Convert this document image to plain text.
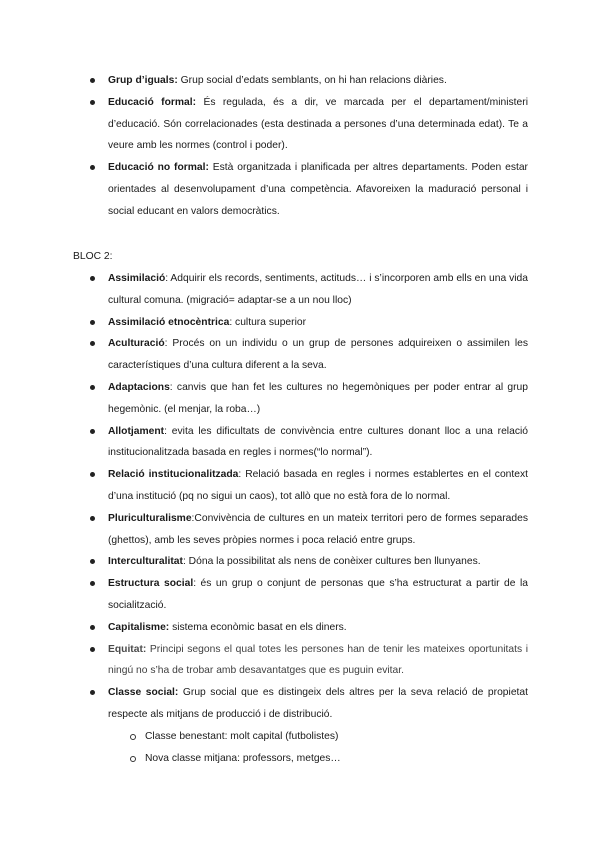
Grup d’iguals: Grup social d’edats semblants, on hi han relacions diàries.
Educació formal: És regulada, és a dir, ve marcada per el departament/ministeri d’educació. Són correlacionades (esta destinada a persones d’una determinada edat). Te a veure amb les normes (control i poder).
Educació no formal: Està organitzada i planificada per altres departaments. Poden estar orientades al desenvolupament d’una competència. Afavoreixen la maduració personal i social educant en valors democràtics.
BLOC 2:
Assimilació: Adquirir els records, sentiments, actituds… i s’incorporen amb ells en una vida cultural comuna. (migració= adaptar-se a un nou lloc)
Assimilació etnocèntrica: cultura superior
Aculturació: Procés on un individu o un grup de persones adquireixen o assimilen les característiques d’una cultura diferent a la seva.
Adaptacions: canvis que han fet les cultures no hegemòniques per poder entrar al grup hegemònic. (el menjar, la roba…)
Allotjament: evita les dificultats de convivència entre cultures donant lloc a una relació institucionalitzada basada en regles i normes(“lo normal”).
Relació institucionalitzada: Relació basada en regles i normes establertes en el context d’una institució (pq no sigui un caos), tot allò que no està fora de lo normal.
Pluriculturalisme:Convivència de cultures en un mateix territori pero de formes separades (ghettos), amb les seves pròpies normes i poca relació entre grups.
Interculturalitat: Dóna la possibilitat als nens de conèixer cultures ben llunyanes.
Estructura social: és un grup o conjunt de personas que s’ha estructurat a partir de la socialització.
Capitalisme: sistema econòmic basat en els diners.
Equitat: Principi segons el qual totes les persones han de tenir les mateixes oportunitats i ningú no s’ha de trobar amb desavantatges que es puguin evitar.
Classe social: Grup social que es distingeix dels altres per la seva relació de propietat respecte als mitjans de producció i de distribució.
Classe benestant: molt capital (futbolistes)
Nova classe mitjana: professors, metges…
